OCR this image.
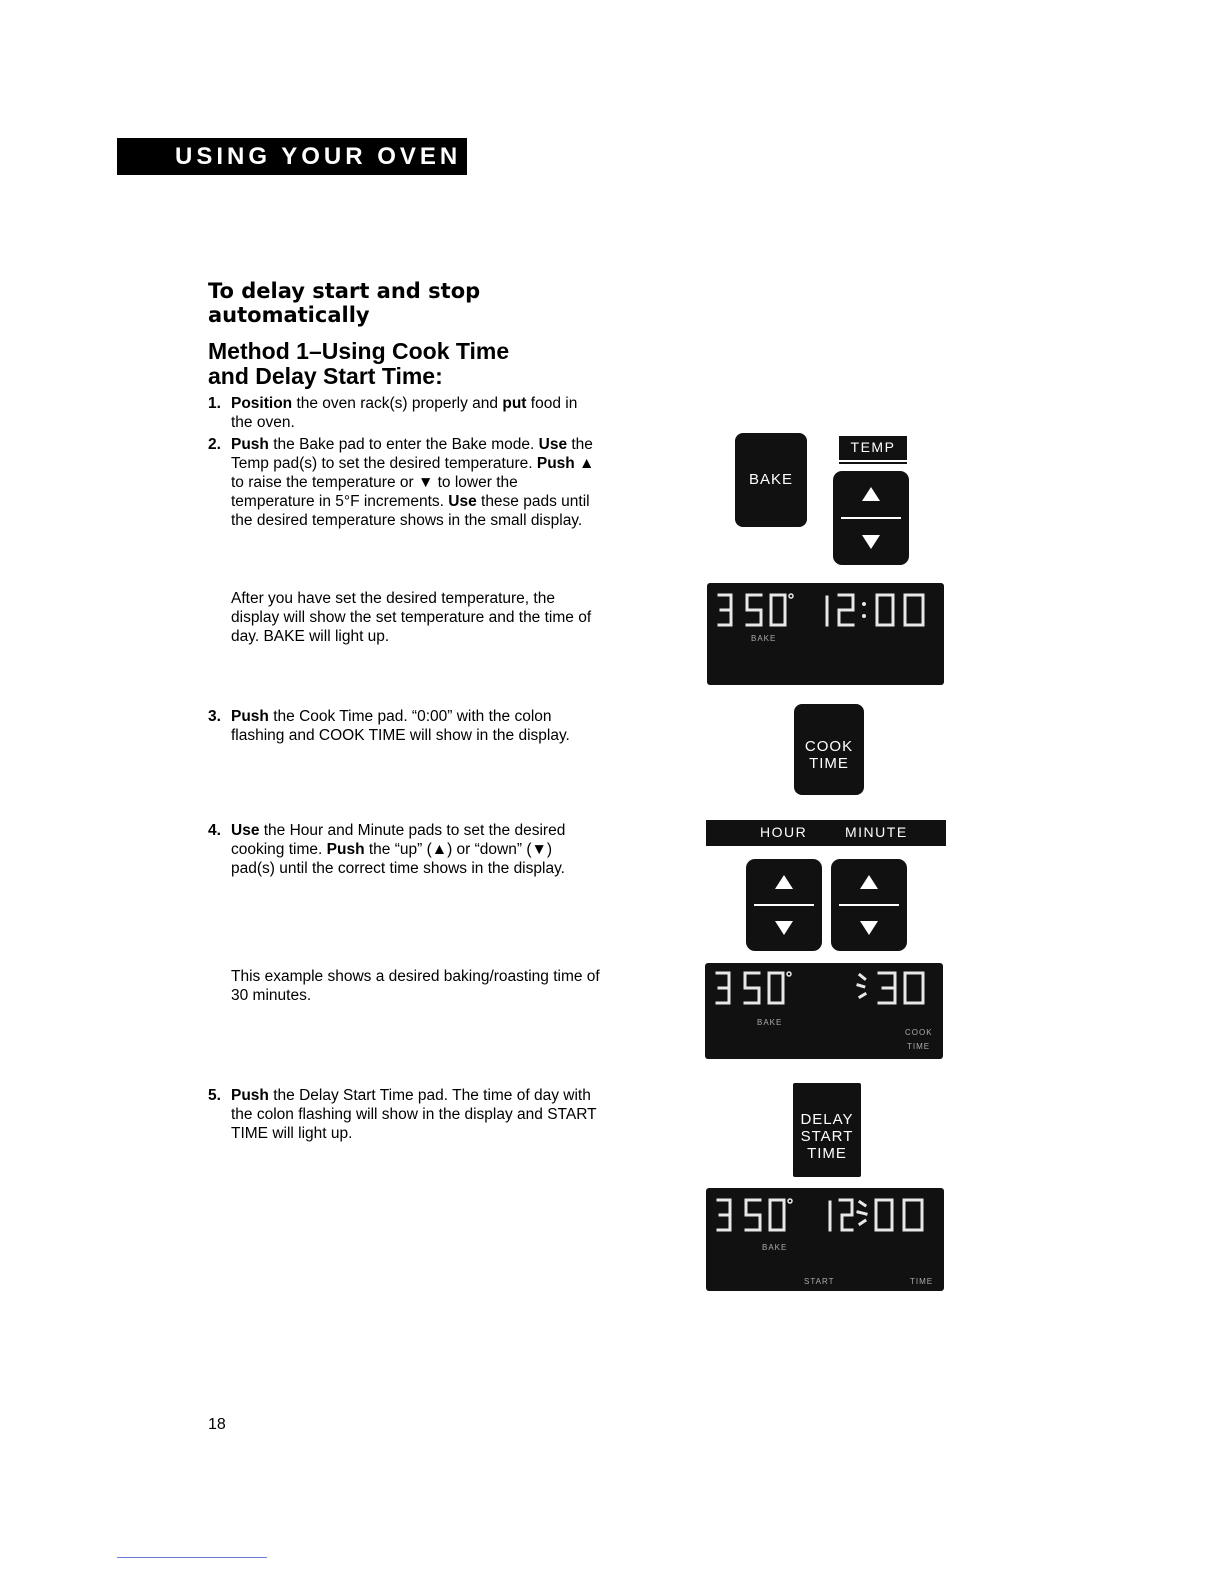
USING YOUR OVEN
To delay start and stop
automatically
Method 1–Using Cook Time
and Delay Start Time:
1. Position the oven rack(s) properly and put food in the oven.
2. Push the Bake pad to enter the Bake mode. Use the Temp pad(s) to set the desired temperature. Push ▲ to raise the temperature or ▼ to lower the temperature in 5°F increments. Use these pads until the desired temperature shows in the small display.
After you have set the desired temperature, the display will show the set temperature and the time of day. BAKE will light up.
3. Push the Cook Time pad. “0:00” with the colon flashing and COOK TIME will show in the display.
4. Use the Hour and Minute pads to set the desired cooking time. Push the “up” (▲) or “down” (▼) pad(s) until the correct time shows in the display.
This example shows a desired baking/roasting time of 30 minutes.
5. Push the Delay Start Time pad. The time of day with the colon flashing will show in the display and START TIME will light up.
BAKE
TEMP
BAKE
COOK
TIME
HOUR	MINUTE
BAKE
COOK
TIME
DELAY
START
TIME
BAKE
START	TIME
18
